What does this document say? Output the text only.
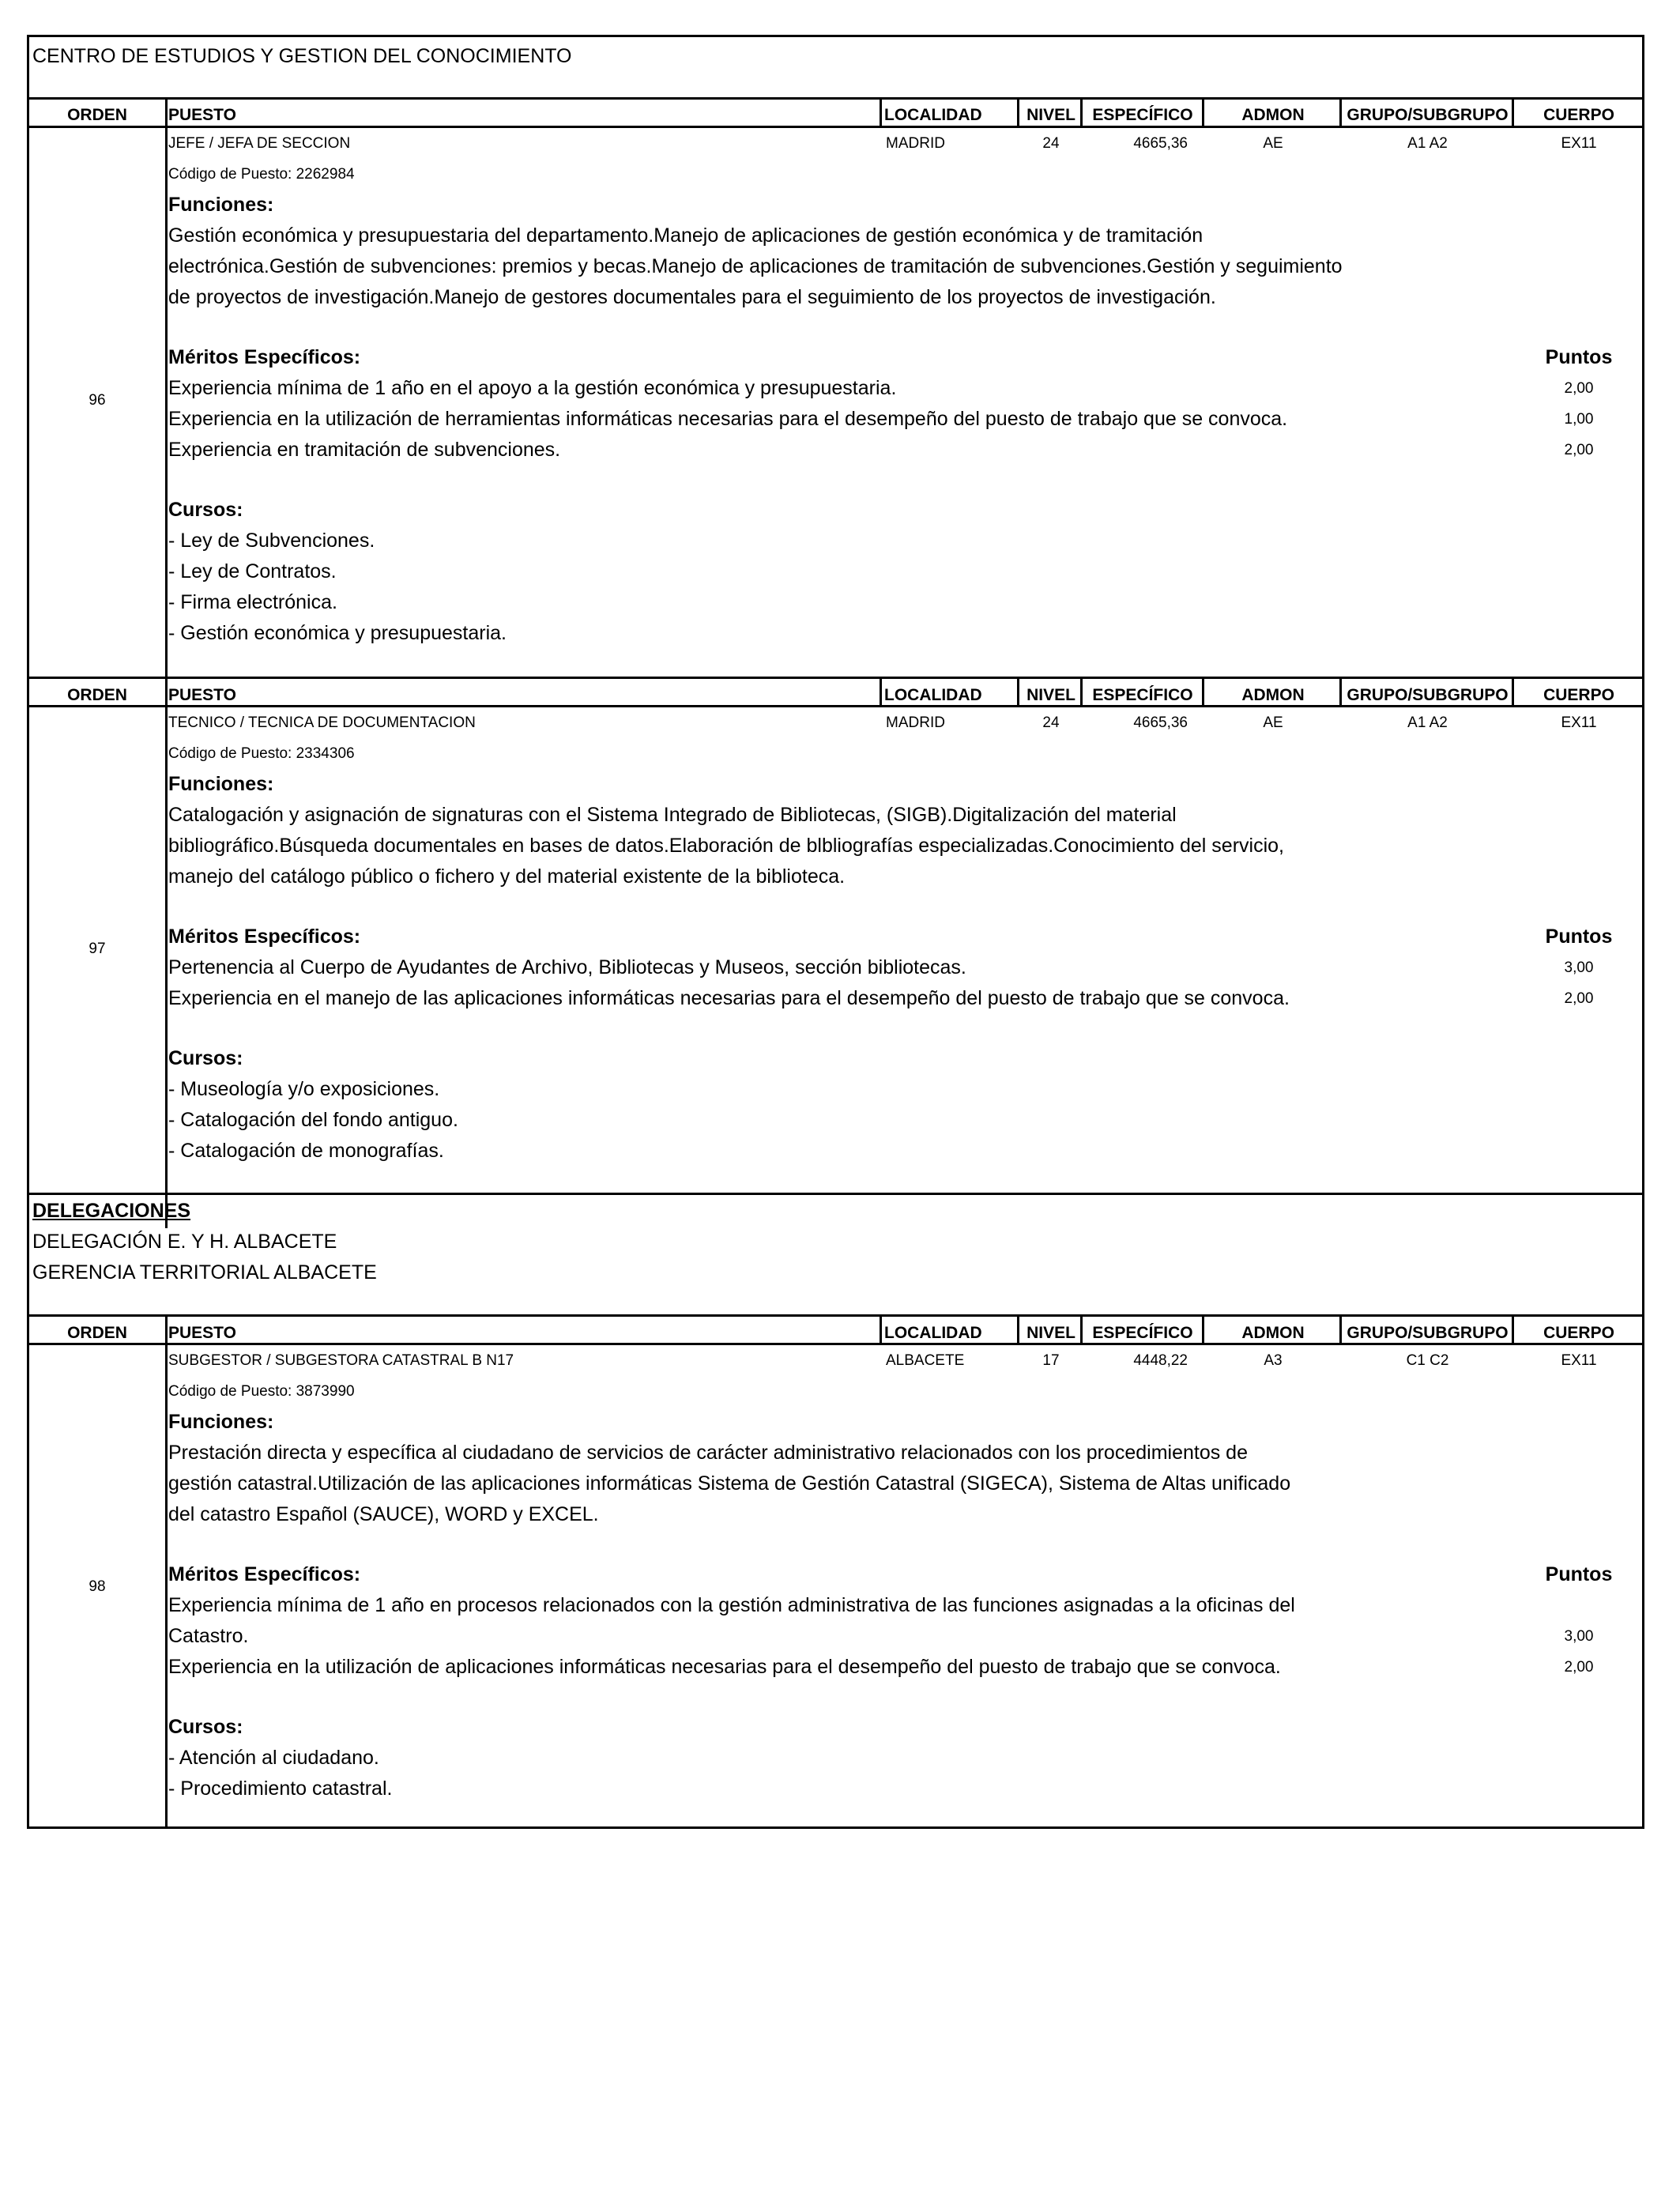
CENTRO DE ESTUDIOS Y GESTION DEL CONOCIMIENTO
ORDEN	PUESTO	LOCALIDAD	NIVEL	ESPECÍFICO	ADMON	GRUPO/SUBGRUPO	CUERPO
96
JEFE / JEFA DE SECCION	MADRID	24	4665,36	AE	A1 A2	EX11
Código de Puesto: 2262984
Funciones:
Gestión económica y presupuestaria del departamento.Manejo de aplicaciones de gestión económica y de tramitación
electrónica.Gestión de subvenciones: premios y becas.Manejo de aplicaciones de tramitación de subvenciones.Gestión y seguimiento
de proyectos de investigación.Manejo de gestores documentales para el seguimiento de los proyectos de investigación.
Méritos Específicos:	Puntos
Experiencia mínima de 1 año en el apoyo a la gestión económica y presupuestaria.	2,00
Experiencia en la utilización de herramientas informáticas necesarias para el desempeño del puesto de trabajo que se convoca.	1,00
Experiencia en tramitación de subvenciones.	2,00
Cursos:
- Ley de Subvenciones.
- Ley de Contratos.
- Firma electrónica.
- Gestión económica y presupuestaria.
ORDEN	PUESTO	LOCALIDAD	NIVEL	ESPECÍFICO	ADMON	GRUPO/SUBGRUPO	CUERPO
97
TECNICO / TECNICA DE DOCUMENTACION	MADRID	24	4665,36	AE	A1 A2	EX11
Código de Puesto: 2334306
Funciones:
Catalogación y asignación de signaturas con el Sistema Integrado de Bibliotecas, (SIGB).Digitalización del material
bibliográfico.Búsqueda documentales en bases de datos.Elaboración de blbliografías especializadas.Conocimiento del servicio,
manejo del catálogo público o fichero y del material existente de la biblioteca.
Méritos Específicos:	Puntos
Pertenencia al Cuerpo de Ayudantes de Archivo, Bibliotecas y Museos, sección bibliotecas.	3,00
Experiencia en el manejo de las aplicaciones informáticas necesarias para el desempeño del puesto de trabajo que se convoca.	2,00
Cursos:
- Museología y/o exposiciones.
- Catalogación del fondo antiguo.
- Catalogación de monografías.
DELEGACIONES
DELEGACIÓN E. Y H. ALBACETE
GERENCIA TERRITORIAL ALBACETE
ORDEN	PUESTO	LOCALIDAD	NIVEL	ESPECÍFICO	ADMON	GRUPO/SUBGRUPO	CUERPO
98
SUBGESTOR / SUBGESTORA CATASTRAL B N17	ALBACETE	17	4448,22	A3	C1 C2	EX11
Código de Puesto: 3873990
Funciones:
Prestación directa y específica al ciudadano de servicios de carácter administrativo relacionados con los procedimientos de
gestión catastral.Utilización de las aplicaciones informáticas Sistema de Gestión Catastral (SIGECA), Sistema de Altas unificado
del catastro Español (SAUCE), WORD y EXCEL.
Méritos Específicos:	Puntos
Experiencia mínima de 1 año en procesos relacionados con la gestión administrativa de las funciones asignadas a la oficinas del
Catastro.	3,00
Experiencia en la utilización de aplicaciones informáticas necesarias para el desempeño del puesto de trabajo que se convoca.	2,00
Cursos:
- Atención al ciudadano.
- Procedimiento catastral.
